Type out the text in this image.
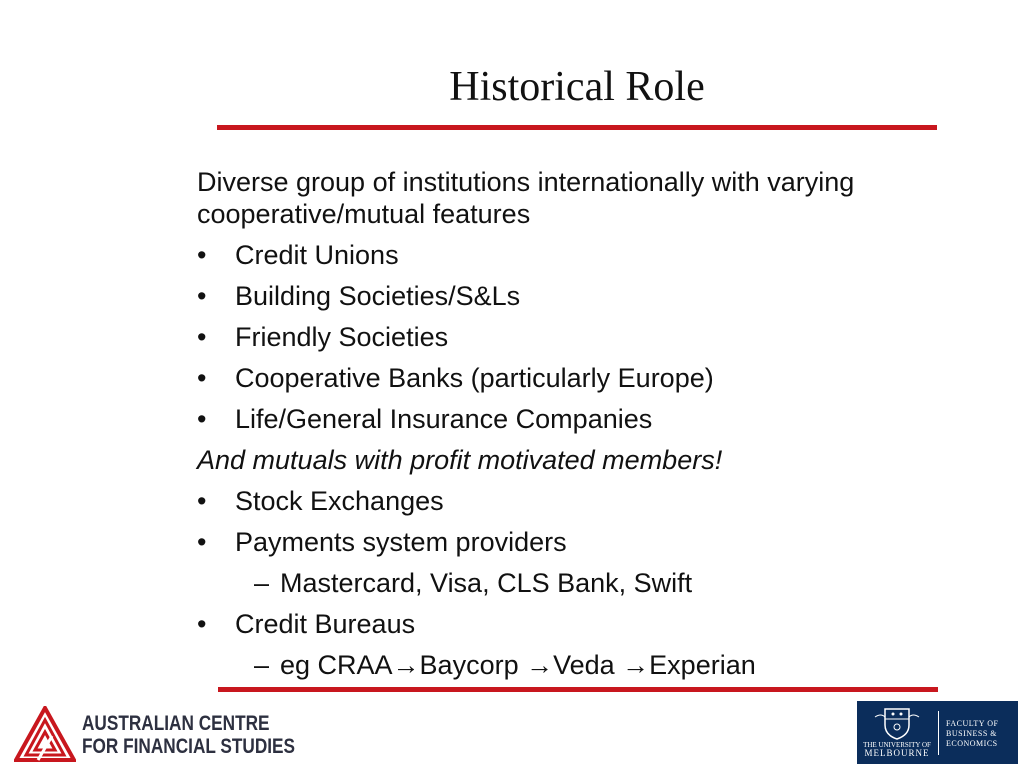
Historical Role
Diverse group of institutions internationally with varying
cooperative/mutual features
• Credit Unions
• Building Societies/S&Ls
• Friendly Societies
• Cooperative Banks (particularly Europe)
• Life/General Insurance Companies
And mutuals with profit motivated members!
• Stock Exchanges
• Payments system providers
– Mastercard, Visa, CLS Bank, Swift
• Credit Bureaus
– eg CRAA→Baycorp →Veda →Experian
AUSTRALIAN CENTRE
FOR FINANCIAL STUDIES	THE UNIVERSITY OF
MELBOURNE
FACULTY OF
BUSINESS &
ECONOMICS
